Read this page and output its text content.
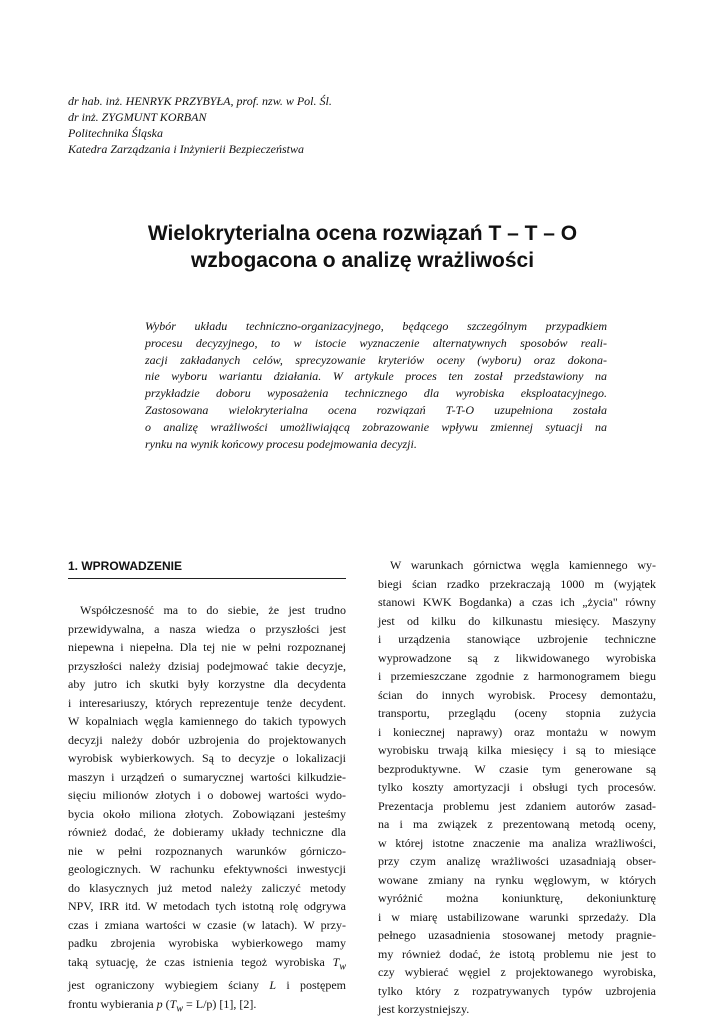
dr hab. inż. HENRYK PRZYBYŁA, prof. nzw. w Pol. Śl.
dr inż. ZYGMUNT KORBAN
Politechnika Śląska
Katedra Zarządzania i Inżynierii Bezpieczeństwa
Wielokryterialna ocena rozwiązań T – T – O
wzbogacona o analizę wrażliwości
Wybór układu techniczno-organizacyjnego, będącego szczególnym przypadkiem
procesu decyzyjnego, to w istocie wyznaczenie alternatywnych sposobów reali-
zacji zakładanych celów, sprecyzowanie kryteriów oceny (wyboru) oraz dokona-
nie wyboru wariantu działania. W artykule proces ten został przedstawiony na
przykładzie doboru wyposażenia technicznego dla wyrobiska eksploatacyjnego.
Zastosowana wielokryterialna ocena rozwiązań T-T-O uzupełniona została
o analizę wrażliwości umożliwiającą zobrazowanie wpływu zmiennej sytuacji na
rynku na wynik końcowy procesu podejmowania decyzji.
1. WPROWADZENIE
Współczesność ma to do siebie, że jest trudno
przewidywalna, a nasza wiedza o przyszłości jest
niepewna i niepełna. Dla tej nie w pełni rozpoznanej
przyszłości należy dzisiaj podejmować takie decyzje,
aby jutro ich skutki były korzystne dla decydenta
i interesariuszy, których reprezentuje tenże decydent.
W kopalniach węgla kamiennego do takich typowych
decyzji należy dobór uzbrojenia do projektowanych
wyrobisk wybierkowych. Są to decyzje o lokalizacji
maszyn i urządzeń o sumarycznej wartości kilkudzie-
sięciu milionów złotych i o dobowej wartości wydo-
bycia około miliona złotych. Zobowiązani jesteśmy
również dodać, że dobieramy układy techniczne dla
nie w pełni rozpoznanych warunków górniczo-
geologicznych. W rachunku efektywności inwestycji
do klasycznych już metod należy zaliczyć metody
NPV, IRR itd. W metodach tych istotną rolę odgrywa
czas i zmiana wartości w czasie (w latach). W przy-
padku zbrojenia wyrobiska wybierkowego mamy
taką sytuację, że czas istnienia tegoż wyrobiska $T_w$
jest ograniczony wybiegiem ściany L i postępem
frontu wybierania p $(T_w = L/p)$ [1], [2].
W warunkach górnictwa węgla kamiennego wy-
biegi ścian rzadko przekraczają 1000 m (wyjątek
stanowi KWK Bogdanka) a czas ich „życia" równy
jest od kilku do kilkunastu miesięcy. Maszyny
i urządzenia stanowiące uzbrojenie techniczne
wyprowadzone są z likwidowanego wyrobiska
i przemieszczane zgodnie z harmonogramem biegu
ścian do innych wyrobisk. Procesy demontażu,
transportu, przeglądu (oceny stopnia zużycia
i koniecznej naprawy) oraz montażu w nowym
wyrobisku trwają kilka miesięcy i są to miesiące
bezproduktywne. W czasie tym generowane są
tylko koszty amortyzacji i obsługi tych procesów.
Prezentacja problemu jest zdaniem autorów zasad-
na i ma związek z prezentowaną metodą oceny,
w której istotne znaczenie ma analiza wrażliwości,
przy czym analizę wrażliwości uzasadniają obser-
wowane zmiany na rynku węglowym, w których
wyróżnić można koniunkturę, dekoniunkturę
i w miarę ustabilizowane warunki sprzedaży. Dla
pełnego uzasadnienia stosowanej metody pragnie-
my również dodać, że istotą problemu nie jest to
czy wybierać węgiel z projektowanego wyrobiska,
tylko który z rozpatrywanych typów uzbrojenia
jest korzystniejszy.
